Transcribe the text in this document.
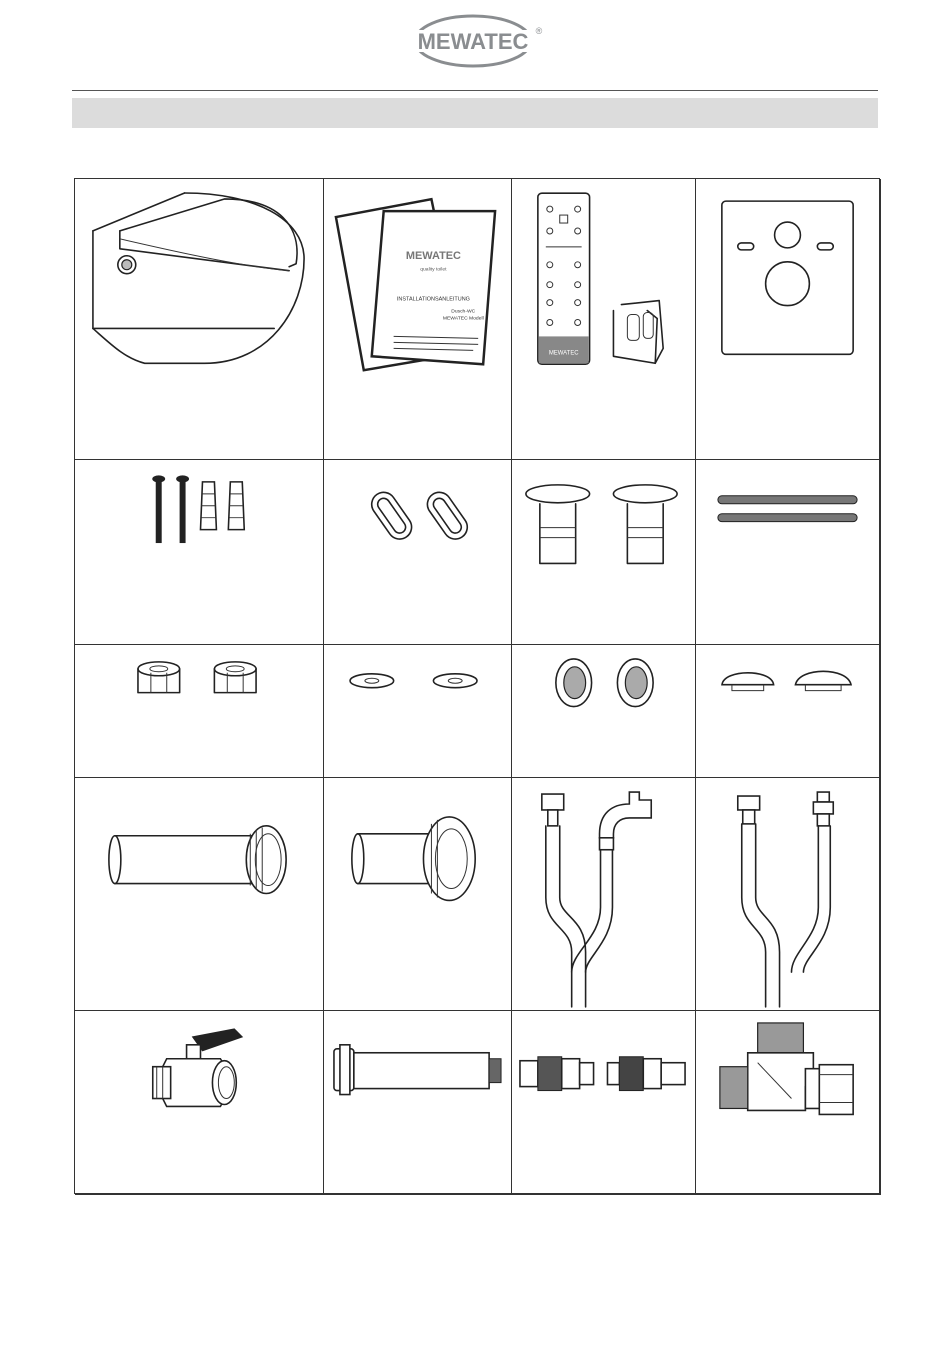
MEWATEC ®
MEWATEC
quality toilet
INSTALLATIONSANLEITUNG
Dusch-WC
MEWATEC Modell
MEWATEC
